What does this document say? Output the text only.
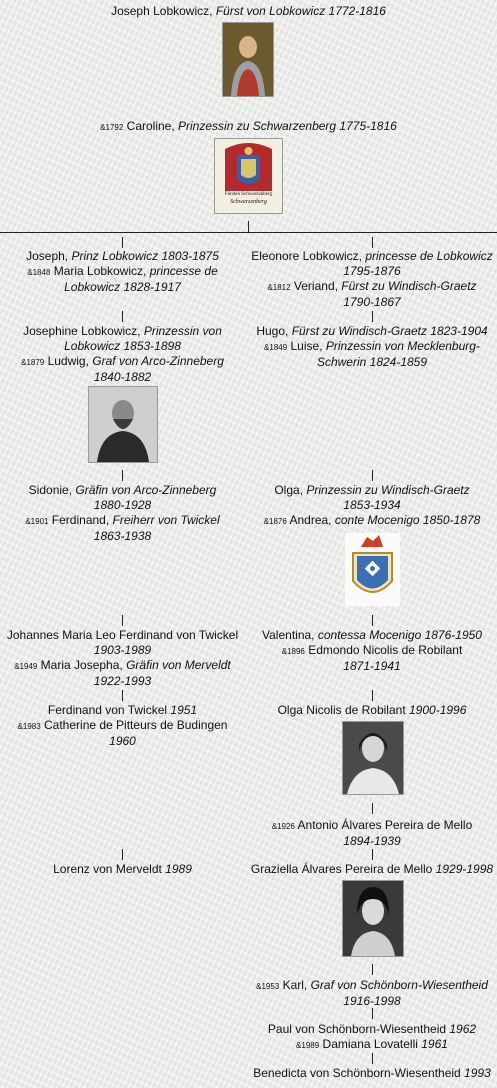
Joseph Lobkowicz, Fürst von Lobkowicz 1772-1816
&1792 Caroline, Prinzessin zu Schwarzenberg 1775-1816
Fürsten Schwarzenberg
Schwarzenberg
Joseph, Prinz Lobkowicz 1803-1875
&1848 Maria Lobkowicz, princesse de
Lobkowicz 1828-1917
Josephine Lobkowicz, Prinzessin von
Lobkowicz 1853-1898
&1879 Ludwig, Graf von Arco-Zinneberg
1840-1882
Sidonie, Gräfin von Arco-Zinneberg
1880-1928
&1901 Ferdinand, Freiherr von Twickel
1863-1938
Johannes Maria Leo Ferdinand von Twickel
1903-1989
&1949 Maria Josepha, Gräfin von Merveldt
1922-1993
Ferdinand von Twickel 1951
&1983 Catherine de Pitteurs de Budingen
1960
Lorenz von Merveldt 1989
Eleonore Lobkowicz, princesse de Lobkowicz
1795-1876
&1812 Veriand, Fürst zu Windisch-Graetz
1790-1867
Hugo, Fürst zu Windisch-Graetz 1823-1904
&1849 Luise, Prinzessin von Mecklenburg-
Schwerin 1824-1859
Olga, Prinzessin zu Windisch-Graetz
1853-1934
&1876 Andrea, conte Mocenigo 1850-1878
Valentina, contessa Mocenigo 1876-1950
&1896 Edmondo Nicolis de Robilant
1871-1941
Olga Nicolis de Robilant 1900-1996
&1926 Antonio Álvares Pereira de Mello
1894-1939
Graziella Álvares Pereira de Mello 1929-1998
&1953 Karl, Graf von Schönborn-Wiesentheid
1916-1998
Paul von Schönborn-Wiesentheid 1962
&1989 Damiana Lovatelli 1961
Benedicta von Schönborn-Wiesentheid 1993
